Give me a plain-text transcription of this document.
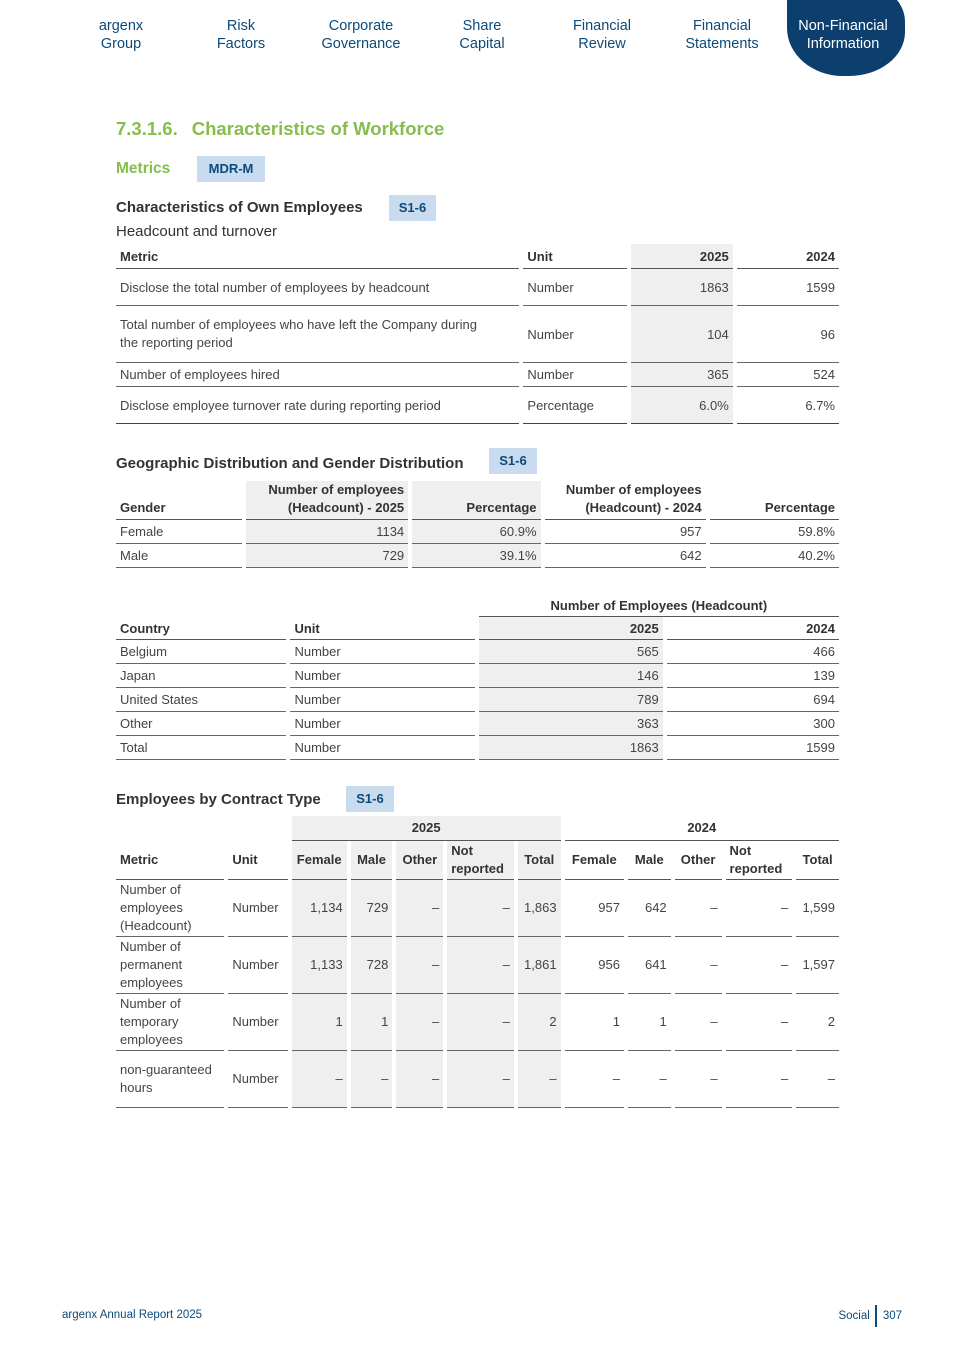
argenx
Group
Risk
Factors
Corporate
Governance
Share
Capital
Financial
Review
Financial
Statements
Non-Financial
Information
7.3.1.6. Characteristics of Workforce
Metrics	MDR-M
Characteristics of Own Employees	S1-6
Headcount and turnover
Metric	Unit	2025	2024
Disclose the total number of employees by headcount	Number	1863	1599
Total number of employees who have left the Company during the reporting period	Number	104	96
Number of employees hired	Number	365	524
Disclose employee turnover rate during reporting period	Percentage	6.0%	6.7%
Geographic Distribution and Gender Distribution	S1-6
Gender	Number of employees (Headcount) - 2025	Percentage	Number of employees (Headcount) - 2024	Percentage
Female	1134	60.9%	957	59.8%
Male	729	39.1%	642	40.2%
		Number of Employees (Headcount)	
Country	Unit	2025	2024
Belgium	Number	565	466
Japan	Number	146	139
United States	Number	789	694
Other	Number	363	300
Total	Number	1863	1599
Employees by Contract Type	S1-6
		2025					2024				
Metric	Unit	Female	Male	Other	Not reported	Total	Female	Male	Other	Not reported	Total
Number of employees (Headcount)	Number	1,134	729	–	–	1,863	957	642	–	–	1,599
Number of permanent employees	Number	1,133	728	–	–	1,861	956	641	–	–	1,597
Number of temporary employees	Number	1	1	–	–	2	1	1	–	–	2
non-guaranteed hours	Number	–	–	–	–	–	–	–	–	–	–
argenx Annual Report 2025	Social 307
